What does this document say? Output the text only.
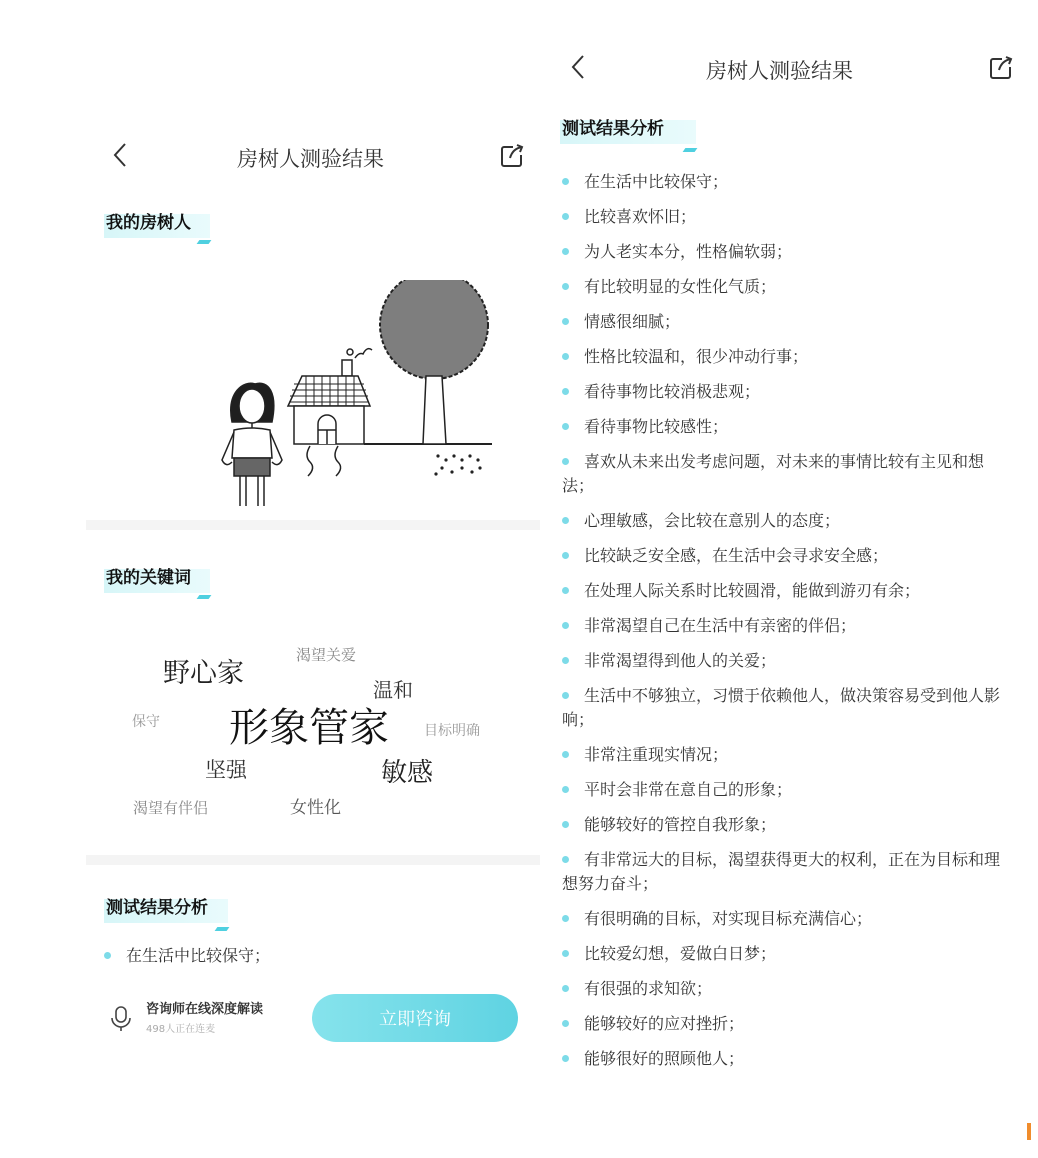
房树人测验结果
我的房树人
我的关键词
野心家
渴望关爱
温和
保守 形象管家	目标明确
坚强	敏感
渴望有伴侣	女性化
测试结果分析
在生活中比较保守；
咨询师在线深度解读
498人正在连麦	立即咨询
房树人测验结果
测试结果分析
在生活中比较保守；
比较喜欢怀旧；
为人老实本分，性格偏软弱；
有比较明显的女性化气质；
情感很细腻；
性格比较温和，很少冲动行事；
看待事物比较消极悲观；
看待事物比较感性；
喜欢从未来出发考虑问题，对未来的事情比较有主见和想法；
心理敏感，会比较在意别人的态度；
比较缺乏安全感，在生活中会寻求安全感；
在处理人际关系时比较圆滑，能做到游刃有余；
非常渴望自己在生活中有亲密的伴侣；
非常渴望得到他人的关爱；
生活中不够独立，习惯于依赖他人，做决策容易受到他人影响；
非常注重现实情况；
平时会非常在意自己的形象；
能够较好的管控自我形象；
有非常远大的目标，渴望获得更大的权利，正在为目标和理想努力奋斗；
有很明确的目标，对实现目标充满信心；
比较爱幻想，爱做白日梦；
有很强的求知欲；
能够较好的应对挫折；
能够很好的照顾他人；
